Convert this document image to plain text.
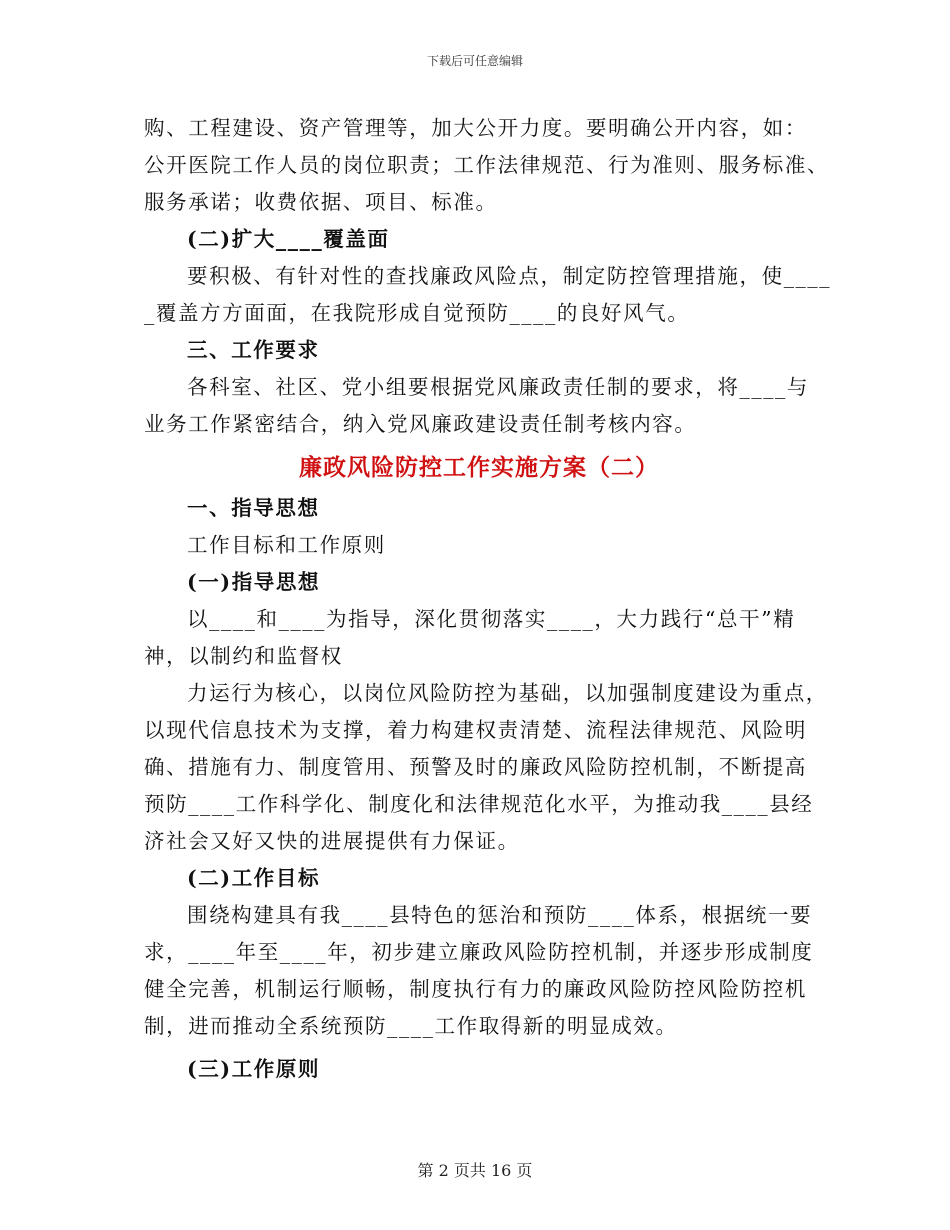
下载后可任意编辑

购、工程建设、资产管理等，加大公开力度。要明确公开内容，如：

公开医院工作人员的岗位职责；工作法律规范、行为准则、服务标准、

服务承诺；收费依据、项目、标准。

(二)扩大____覆盖面

要积极、有针对性的查找廉政风险点，制定防控管理措施，使____

_覆盖方方面面，在我院形成自觉预防____的良好风气。

三、工作要求

各科室、社区、党小组要根据党风廉政责任制的要求，将____与

业务工作紧密结合，纳入党风廉政建设责任制考核内容。

廉政风险防控工作实施方案（二）

一、指导思想

工作目标和工作原则

(一)指导思想

以____和____为指导，深化贯彻落实____，大力践行“总干”精

神，以制约和监督权

力运行为核心，以岗位风险防控为基础，以加强制度建设为重点，

以现代信息技术为支撑，着力构建权责清楚、流程法律规范、风险明

确、措施有力、制度管用、预警及时的廉政风险防控机制，不断提高

预防____工作科学化、制度化和法律规范化水平，为推动我____县经

济社会又好又快的进展提供有力保证。

(二)工作目标

围绕构建具有我____县特色的惩治和预防____体系，根据统一要

求，____年至____年，初步建立廉政风险防控机制，并逐步形成制度

健全完善，机制运行顺畅，制度执行有力的廉政风险防控风险防控机

制，进而推动全系统预防____工作取得新的明显成效。

(三)工作原则

第 2 页共 16 页
